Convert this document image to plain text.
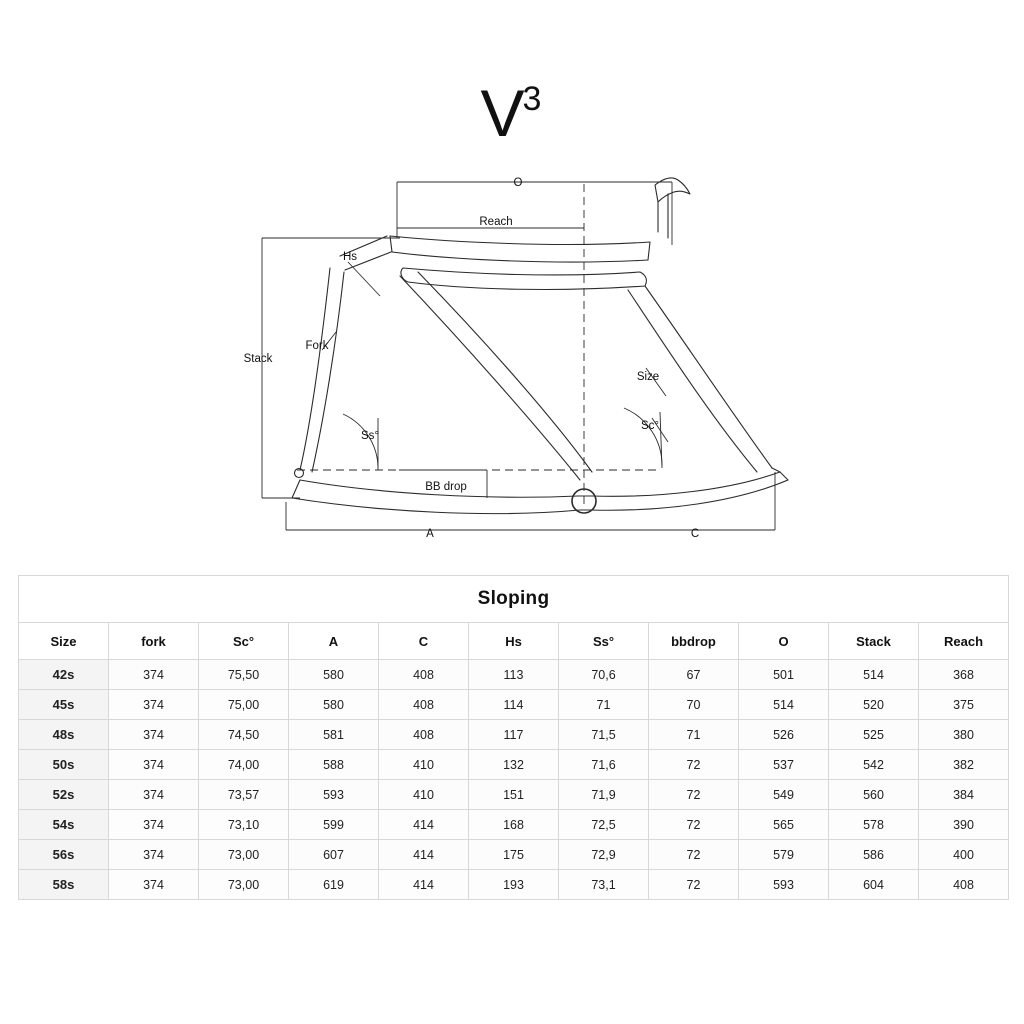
V3
O
Reach
Hs
Fork
Stack
Ss°
BB drop
A	C
Size
Sc°
Sloping										
Size	fork	Sc°	A	C	Hs	Ss°	bbdrop	O	Stack	Reach
42s	374	75,50	580	408	113	70,6	67	501	514	368
45s	374	75,00	580	408	114	71	70	514	520	375
48s	374	74,50	581	408	117	71,5	71	526	525	380
50s	374	74,00	588	410	132	71,6	72	537	542	382
52s	374	73,57	593	410	151	71,9	72	549	560	384
54s	374	73,10	599	414	168	72,5	72	565	578	390
56s	374	73,00	607	414	175	72,9	72	579	586	400
58s	374	73,00	619	414	193	73,1	72	593	604	408
